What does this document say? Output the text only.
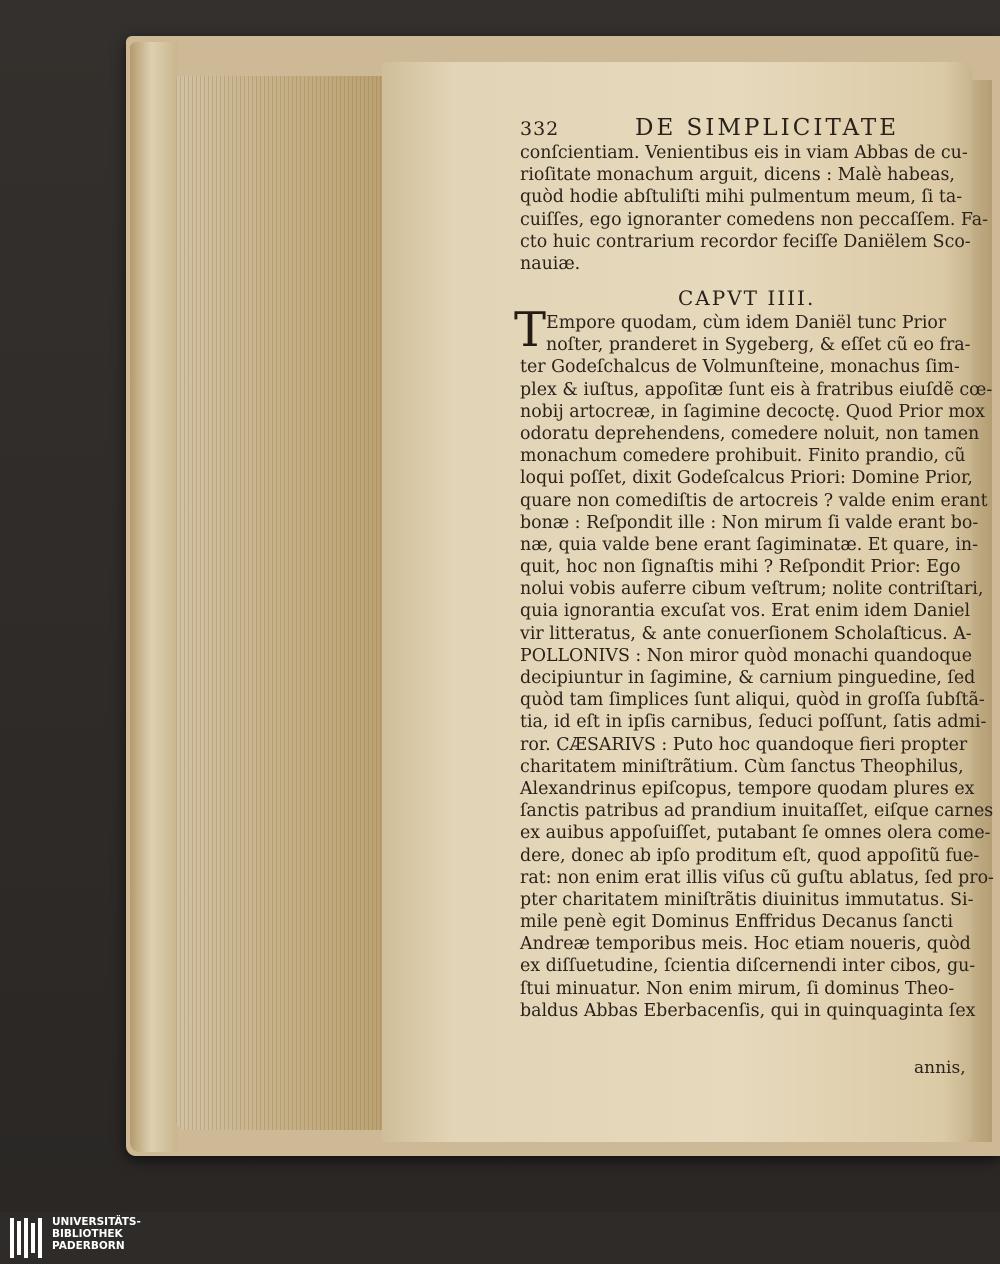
332	DE SIMPLICITATE
conſcientiam. Venientibus eis in viam Abbas de cu-
rioſitate monachum arguit, dicens : Malè habeas,
quòd hodie abſtuliſti mihi pulmentum meum, ſi ta-
cuiſſes, ego ignoranter comedens non peccaſſem. Fa-
cto huic contrarium recordor feciſſe Daniëlem Sco-
nauiæ.
CAPVT IIII.
T Empore quodam, cùm idem Daniël tunc Prior
noſter, pranderet in Sygeberg, & eſſet cũ eo fra-
ter Godeſchalcus de Volmunſteine, monachus ſim-
plex & iuſtus, appoſitæ ſunt eis à fratribus eiuſdẽ cœ-
nobij artocreæ, in ſagimine decoctę. Quod Prior mox
odoratu deprehendens, comedere noluit, non tamen
monachum comedere prohibuit. Finito prandio, cũ
loqui poſſet, dixit Godeſcalcus Priori: Domine Prior,
quare non comediſtis de artocreis ? valde enim erant
bonæ : Reſpondit ille : Non mirum ſi valde erant bo-
næ, quia valde bene erant ſagiminatæ. Et quare, in-
quit, hoc non ſignaſtis mihi ? Reſpondit Prior: Ego
nolui vobis auferre cibum veſtrum; nolite contriſtari,
quia ignorantia excuſat vos. Erat enim idem Daniel
vir litteratus, & ante conuerſionem Scholaſticus. A-
POLLONIVS : Non miror quòd monachi quandoque
decipiuntur in ſagimine, & carnium pinguedine, ſed
quòd tam ſimplices ſunt aliqui, quòd in groſſa ſubſtã-
tia, id eſt in ipſis carnibus, ſeduci poſſunt, ſatis admi-
ror. CÆSARIVS : Puto hoc quandoque fieri propter
charitatem miniſtrãtium. Cùm ſanctus Theophilus,
Alexandrinus epiſcopus, tempore quodam plures ex
ſanctis patribus ad prandium inuitaſſet, eiſque carnes
ex auibus appoſuiſſet, putabant ſe omnes olera come-
dere, donec ab ipſo proditum eſt, quod appoſitũ fue-
rat: non enim erat illis viſus cũ guſtu ablatus, ſed pro-
pter charitatem miniſtrãtis diuinitus immutatus. Si-
mile penè egit Dominus Enffridus Decanus ſancti
Andreæ temporibus meis. Hoc etiam noueris, quòd
ex diſſuetudine, ſcientia diſcernendi inter cibos, gu-
ſtui minuatur. Non enim mirum, ſi dominus Theo-
baldus Abbas Eberbacenſis, qui in quinquaginta ſex
annis,
UNIVERSITÄTS-
BIBLIOTHEK
PADERBORN
